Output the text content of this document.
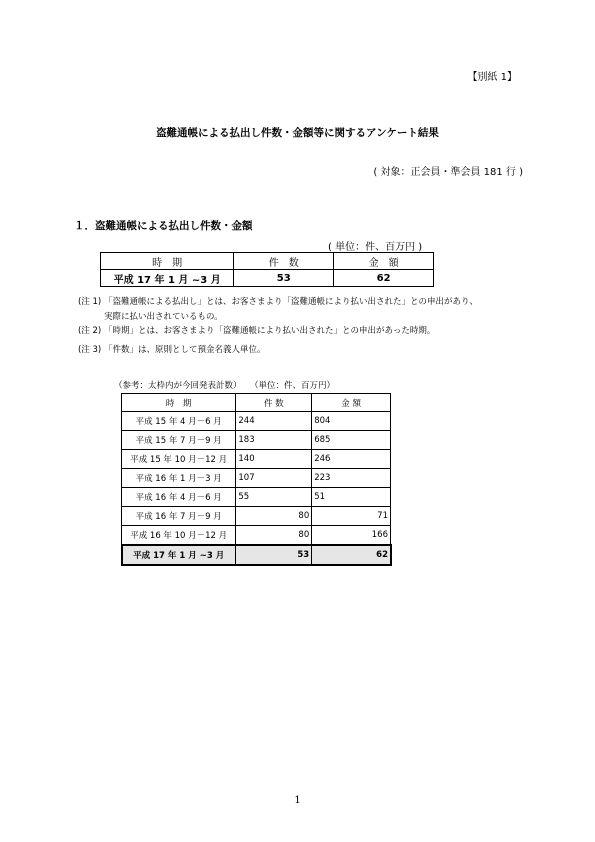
【別紙 1】
盗難通帳による払出し件数・金額等に関するアンケート結果
( 対象：正会員・準会員 181 行 )
１．盗難通帳による払出し件数・金額
( 単位：件、百万円 )
時　期	件　数	金　額
平成 17 年 1 月 ~3 月	53	62
(注 1) 「盗難通帳による払出し」とは、お客さまより「盗難通帳により払い出された」との申出があり、
実際に払い出されているもの。
(注 2) 「時期」とは、お客さまより「盗難通帳により払い出された」との申出があった時期。
(注 3) 「件数」は、原則として預金名義人単位。
（参考：太枠内が今回発表計数）　　（単位：件、百万円）
時　期	件 数	金 額
平成 15 年 4 月－6 月	244	804
平成 15 年 7 月－9 月	183	685
平成 15 年 10 月－12 月	140	246
平成 16 年 1 月－3 月	107	223
平成 16 年 4 月－6 月	55	51
平成 16 年 7 月－9 月	80	71
平成 16 年 10 月－12 月	80	166
平成 17 年 1 月 ~3 月	53	62
1
